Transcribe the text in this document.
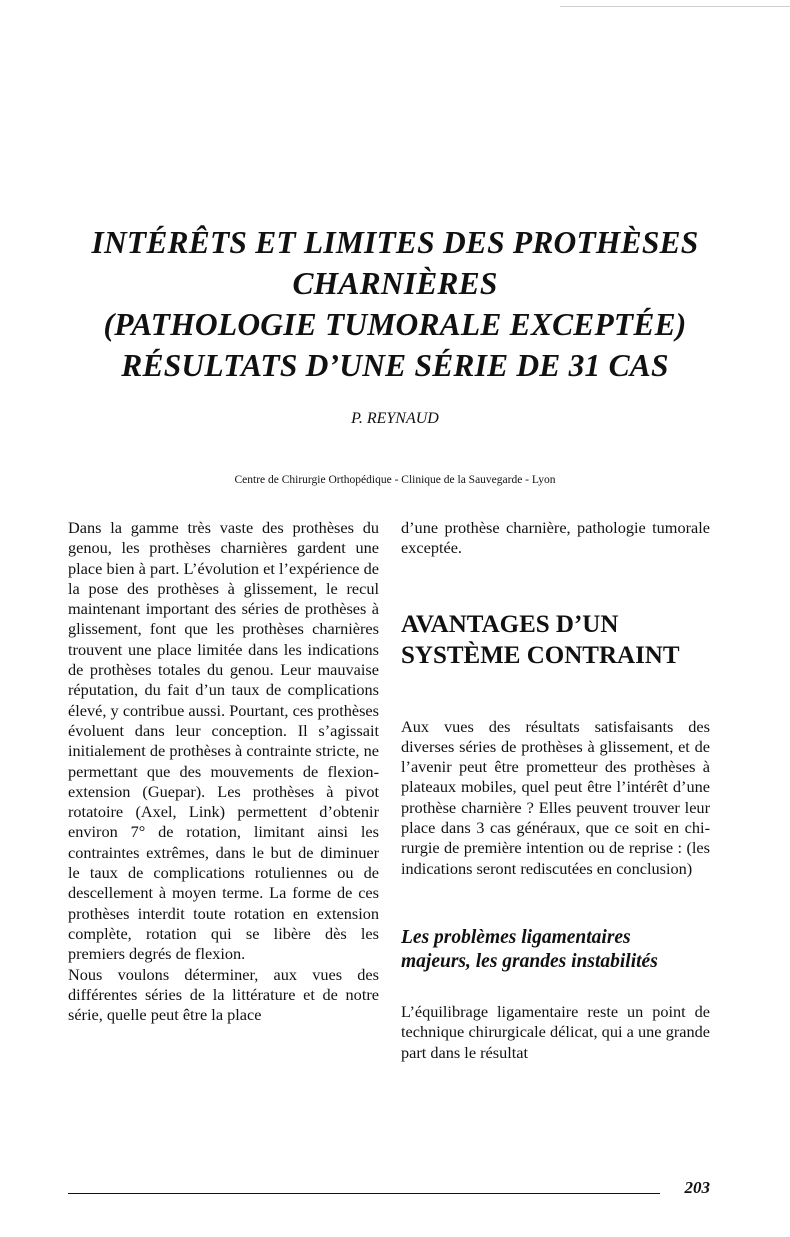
INTÉRÊTS ET LIMITES DES PROTHÈSES
CHARNIÈRES
(PATHOLOGIE TUMORALE EXCEPTÉE)
RÉSULTATS D’UNE SÉRIE DE 31 CAS
P. REYNAUD
Centre de Chirurgie Orthopédique - Clinique de la Sauvegarde - Lyon

Dans la gamme très vaste des prothèses du genou, les prothèses charnières gardent une place bien à part. L’évolution et l’expérience de la pose des prothèses à glissement, le recul maintenant important des séries de prothèses à glissement, font que les prothèses charnières trouvent une place limitée dans les indications de prothèses totales du genou. Leur mauvaise réputation, du fait d’un taux de complications élevé, y contribue aussi. Pourtant, ces prothèses évoluent dans leur conception. Il s’agissait initialement de prothèses à contrainte stricte, ne permettant que des mouvements de flexion-extension (Guepar). Les prothèses à pivot rotatoire (Axel, Link) permettent d’obtenir environ 7° de rotation, limitant ainsi les contraintes extrêmes, dans le but de diminuer le taux de complications rotuliennes ou de descellement à moyen terme. La forme de ces prothèses interdit toute rotation en extension complète, rotation qui se libère dès les premiers degrés de flexion.

Nous voulons déterminer, aux vues des différentes séries de la littérature et de notre série, quelle peut être la place

d’une prothèse charnière, pathologie tumorale exceptée.

AVANTAGES D’UN
SYSTÈME CONTRAINT

Aux vues des résultats satisfaisants des diverses séries de prothèses à glissement, et de l’avenir peut être prometteur des prothèses à plateaux mobiles, quel peut être l’intérêt d’une prothèse charnière ? Elles peuvent trouver leur place dans 3 cas généraux, que ce soit en chirurgie de première intention ou de reprise : (les indications seront rediscutées en conclusion)

Les problèmes ligamentaires
majeurs, les grandes instabilités

L’équilibrage ligamentaire reste un point de technique chirurgicale délicat, qui a une grande part dans le résultat

203
